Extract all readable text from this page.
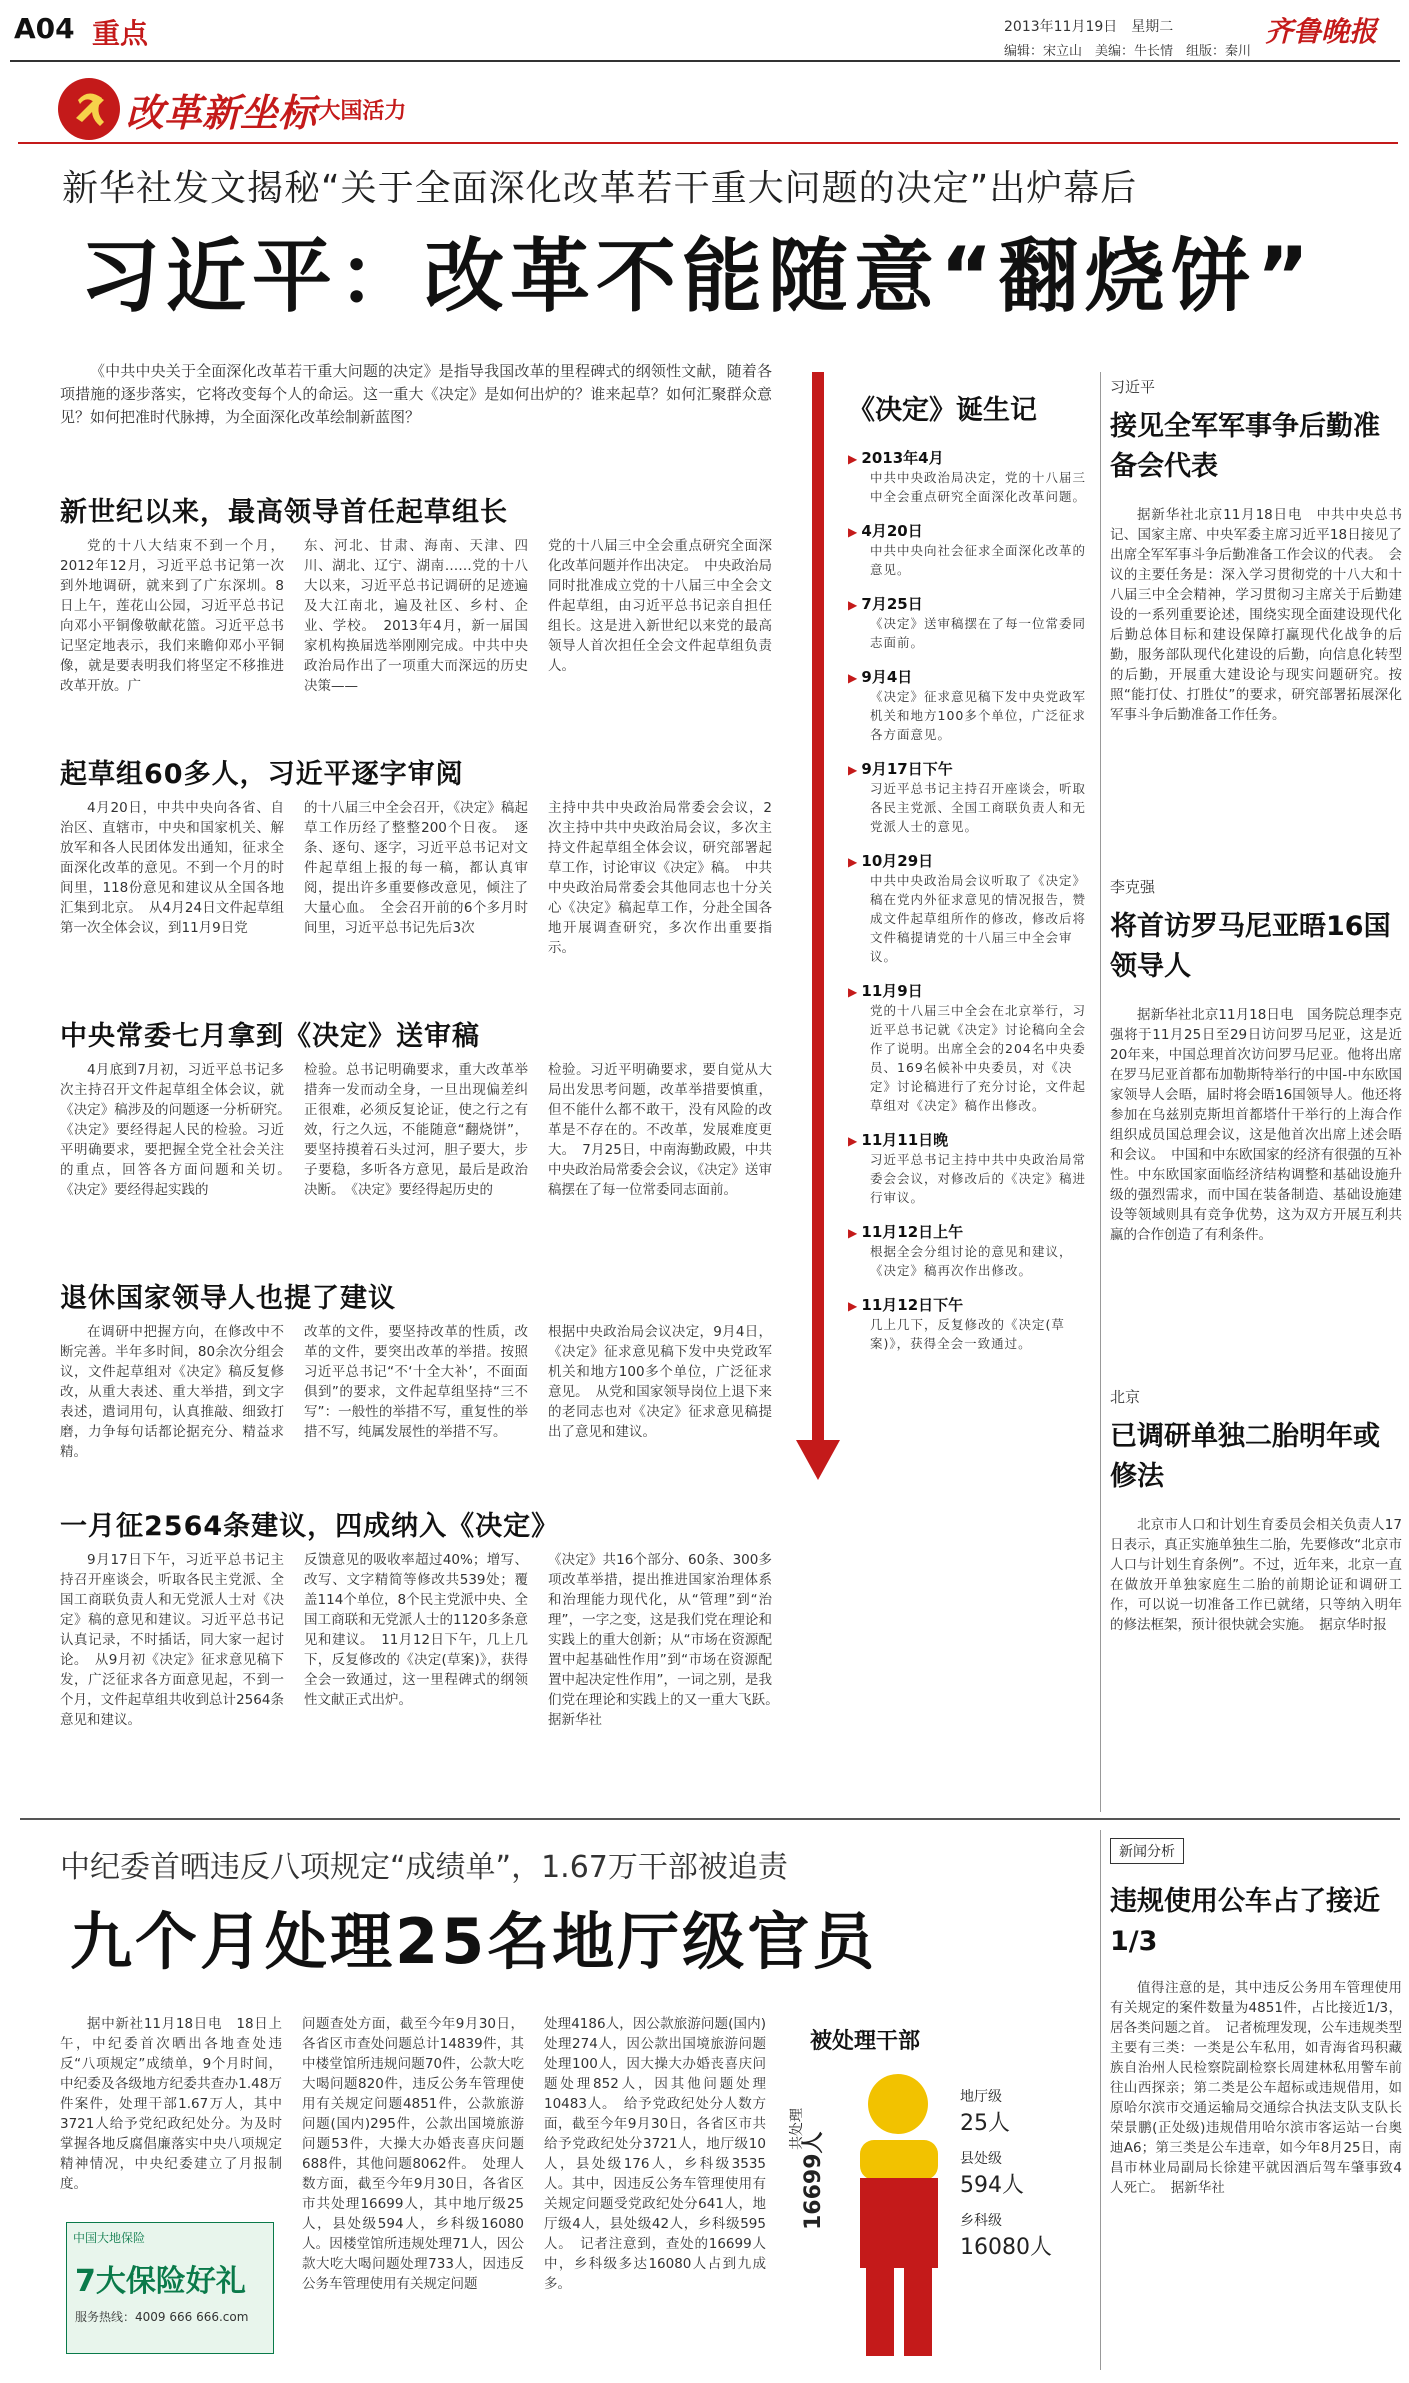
A04 重点	2013年11月19日　 星期二	齐鲁晚报
编辑：宋立山　美编：牛长情　组版：秦川
改革新坐标
·大国活力
新华社发文揭秘“关于全面深化改革若干重大问题的决定”出炉幕后
习近平：改革不能随意“翻烧饼”
《中共中央关于全面深化改革若干重大问题的决定》是指导我国改革的里程碑式的纲领性文献，随着各项措施的逐步落实，它将改变每个人的命运。这一重大《决定》是如何出炉的？谁来起草？如何汇聚群众意见？如何把准时代脉搏，为全面深化改革绘制新蓝图？
新世纪以来，最高领导首任起草组长
党的十八大结束不到一个月，2012年12月，习近平总书记第一次到外地调研，就来到了广东深圳。8日上午，莲花山公园，习近平总书记向邓小平铜像敬献花篮。习近平总书记坚定地表示，我们来瞻仰邓小平铜像，就是要表明我们将坚定不移推进改革开放。广
东、河北、甘肃、海南、天津、四川、湖北、辽宁、湖南……党的十八大以来，习近平总书记调研的足迹遍及大江南北，遍及社区、乡村、企业、学校。　2013年4月，新一届国家机构换届选举刚刚完成。中共中央政治局作出了一项重大而深远的历史决策——
党的十八届三中全会重点研究全面深化改革问题并作出决定。　中央政治局同时批准成立党的十八届三中全会文件起草组，由习近平总书记亲自担任组长。这是进入新世纪以来党的最高领导人首次担任全会文件起草组负责人。
起草组60多人，习近平逐字审阅
4月20日，中共中央向各省、自治区、直辖市，中央和国家机关、解放军和各人民团体发出通知，征求全面深化改革的意见。不到一个月的时间里，118份意见和建议从全国各地汇集到北京。　从4月24日文件起草组第一次全体会议，到11月9日党
的十八届三中全会召开，《决定》稿起草工作历经了整整200个日夜。　逐条、逐句、逐字，习近平总书记对文件起草组上报的每一稿，都认真审阅，提出许多重要修改意见，倾注了大量心血。　全会召开前的6个多月时间里，习近平总书记先后3次
主持中共中央政治局常委会会议，2次主持中共中央政治局会议，多次主持文件起草组全体会议，研究部署起草工作，讨论审议《决定》稿。　中共中央政治局常委会其他同志也十分关心《决定》稿起草工作，分赴全国各地开展调查研究，多次作出重要指示。
中央常委七月拿到《决定》送审稿
4月底到7月初，习近平总书记多次主持召开文件起草组全体会议，就《决定》稿涉及的问题逐一分析研究。　《决定》要经得起人民的检验。习近平明确要求，要把握全党全社会关注的重点，回答各方面问题和关切。　《决定》要经得起实践的
检验。总书记明确要求，重大改革举措奔一发而动全身，一旦出现偏差纠正很难，必须反复论证，使之行之有效，行之久远，不能随意“翻烧饼”，要坚持摸着石头过河，胆子要大，步子要稳，多听各方意见，最后是政治决断。　《决定》要经得起历史的
检验。习近平明确要求，要自觉从大局出发思考问题，改革举措要慎重，但不能什么都不敢干，没有风险的改革是不存在的。不改革，发展难度更大。　7月25日，中南海勤政殿，中共中央政治局常委会会议，《决定》送审稿摆在了每一位常委同志面前。
退休国家领导人也提了建议
在调研中把握方向，在修改中不断完善。半年多时间，80余次分组会议，文件起草组对《决定》稿反复修改，从重大表述、重大举措，到文字表述，遣词用句，认真推敲、细致打磨，力争每句话都论据充分、精益求精。
改革的文件，要坚持改革的性质，改革的文件，要突出改革的举措。按照习近平总书记“不‘十全大补’，不面面俱到”的要求，文件起草组坚持“三不写”：一般性的举措不写，重复性的举措不写，纯属发展性的举措不写。
根据中央政治局会议决定，9月4日，《决定》征求意见稿下发中央党政军机关和地方100多个单位，广泛征求意见。　从党和国家领导岗位上退下来的老同志也对《决定》征求意见稿提出了意见和建议。
一月征2564条建议，四成纳入《决定》
9月17日下午，习近平总书记主持召开座谈会，听取各民主党派、全国工商联负责人和无党派人士对《决定》稿的意见和建议。习近平总书记认真记录，不时插话，同大家一起讨论。　从9月初《决定》征求意见稿下发，广泛征求各方面意见起，不到一个月，文件起草组共收到总计2564条意见和建议。
反馈意见的吸收率超过40%；增写、改写、文字精简等修改共539处；覆盖114个单位，8个民主党派中央、全国工商联和无党派人士的1120多条意见和建议。　11月12日下午，几上几下，反复修改的《决定(草案)》，获得全会一致通过，这一里程碑式的纲领性文献正式出炉。
《决定》共16个部分、60条、300多项改革举措，提出推进国家治理体系和治理能力现代化，从“管理”到“治理”，一字之变，这是我们党在理论和实践上的重大创新；从“市场在资源配置中起基础性作用”到“市场在资源配置中起决定性作用”，一词之别，是我们党在理论和实践上的又一重大飞跃。　据新华社
《决定》诞生记
▶ 2013年4月
中共中央政治局决定，党的十八届三中全会重点研究全面深化改革问题。
▶ 4月20日
中共中央向社会征求全面深化改革的意见。
▶ 7月25日
《决定》送审稿摆在了每一位常委同志面前。
▶ 9月4日
《决定》征求意见稿下发中央党政军机关和地方100多个单位，广泛征求各方面意见。
▶ 9月17日下午
习近平总书记主持召开座谈会，听取各民主党派、全国工商联负责人和无党派人士的意见。
▶ 10月29日
中共中央政治局会议听取了《决定》稿在党内外征求意见的情况报告，赞成文件起草组所作的修改，修改后将文件稿提请党的十八届三中全会审议。
▶ 11月9日
党的十八届三中全会在北京举行，习近平总书记就《决定》讨论稿向全会作了说明。出席全会的204名中央委员、169名候补中央委员，对《决定》讨论稿进行了充分讨论，文件起草组对《决定》稿作出修改。
▶ 11月11日晚
习近平总书记主持中共中央政治局常委会会议，对修改后的《决定》稿进行审议。
▶ 11月12日上午
根据全会分组讨论的意见和建议，《决定》稿再次作出修改。
▶ 11月12日下午
几上几下，反复修改的《决定(草案)》，获得全会一致通过。
习近平
接见全军军事争后勤准备会代表
据新华社北京11月18日电　中共中央总书记、国家主席、中央军委主席习近平18日接见了出席全军军事斗争后勤准备工作会议的代表。　会议的主要任务是：深入学习贯彻党的十八大和十八届三中全会精神，学习贯彻习主席关于后勤建设的一系列重要论述，围绕实现全面建设现代化后勤总体目标和建设保障打赢现代化战争的后勤，服务部队现代化建设的后勤，向信息化转型的后勤，开展重大建设论与现实问题研究。按照“能打仗、打胜仗”的要求，研究部署拓展深化军事斗争后勤准备工作任务。
李克强
将首访罗马尼亚晤16国领导人
据新华社北京11月18日电　国务院总理李克强将于11月25日至29日访问罗马尼亚，这是近20年来，中国总理首次访问罗马尼亚。他将出席在罗马尼亚首都布加勒斯特举行的中国-中东欧国家领导人会晤，届时将会晤16国领导人。他还将参加在乌兹别克斯坦首都塔什干举行的上海合作组织成员国总理会议，这是他首次出席上述会晤和会议。　中国和中东欧国家的经济有很强的互补性。中东欧国家面临经济结构调整和基础设施升级的强烈需求，而中国在装备制造、基础设施建设等领域则具有竞争优势，这为双方开展互利共赢的合作创造了有利条件。
北京
已调研单独二胎明年或修法
北京市人口和计划生育委员会相关负责人17日表示，真正实施单独生二胎，先要修改“北京市人口与计划生育条例”。不过，近年来，北京一直在做放开单独家庭生二胎的前期论证和调研工作，可以说一切准备工作已就绪，只等纳入明年的修法框架，预计很快就会实施。　据京华时报
中纪委首晒违反八项规定“成绩单”，1.67万干部被追责
九个月处理25名地厅级官员
据中新社11月18日电　18日上午，中纪委首次晒出各地查处违反“八项规定”成绩单，9个月时间，中纪委及各级地方纪委共查办1.48万件案件，处理干部1.67万人，其中3721人给予党纪政纪处分。为及时掌握各地反腐倡廉落实中央八项规定精神情况，中央纪委建立了月报制度。
问题查处方面，截至今年9月30日，各省区市查处问题总计14839件，其中楼堂馆所违规问题70件，公款大吃大喝问题820件，违反公务车管理使用有关规定问题4851件，公款旅游问题(国内)295件，公款出国境旅游问题53件，大操大办婚丧喜庆问题688件，其他问题8062件。　处理人数方面，截至今年9月30日，各省区市共处理16699人，其中地厅级25人，县处级594人，乡科级16080人。因楼堂馆所违规处理71人，因公款大吃大喝问题处理733人，因违反公务车管理使用有关规定问题
处理4186人，因公款旅游问题(国内)处理274人，因公款出国境旅游问题处理100人，因大操大办婚丧喜庆问题处理852人，因其他问题处理10483人。　给予党政纪处分人数方面，截至今年9月30日，各省区市共给予党政纪处分3721人，地厅级10人，县处级176人，乡科级3535人。其中，因违反公务车管理使用有关规定问题受党政纪处分641人，地厅级4人，县处级42人，乡科级595人。　记者注意到，查处的16699人中，乡科级多达16080人占到九成多。
中国大地保险
7大保险好礼
服务热线：4009 666 666.com
被处理干部
共处理
16699人
地厅级
25人
县处级
594人
乡科级
16080人
新闻分析
违规使用公车占了接近1/3
值得注意的是，其中违反公务用车管理使用有关规定的案件数量为4851件，占比接近1/3，居各类问题之首。　记者梳理发现，公车违规类型主要有三类：一类是公车私用，如青海省玛积藏族自治州人民检察院副检察长周建林私用警车前往山西探亲；第二类是公车超标或违规借用，如原哈尔滨市交通运输局交通综合执法支队支队长荣景鹏(正处级)违规借用哈尔滨市客运站一台奥迪A6；第三类是公车违章，如今年8月25日，南昌市林业局副局长徐建平就因酒后驾车肇事致4人死亡。　据新华社
